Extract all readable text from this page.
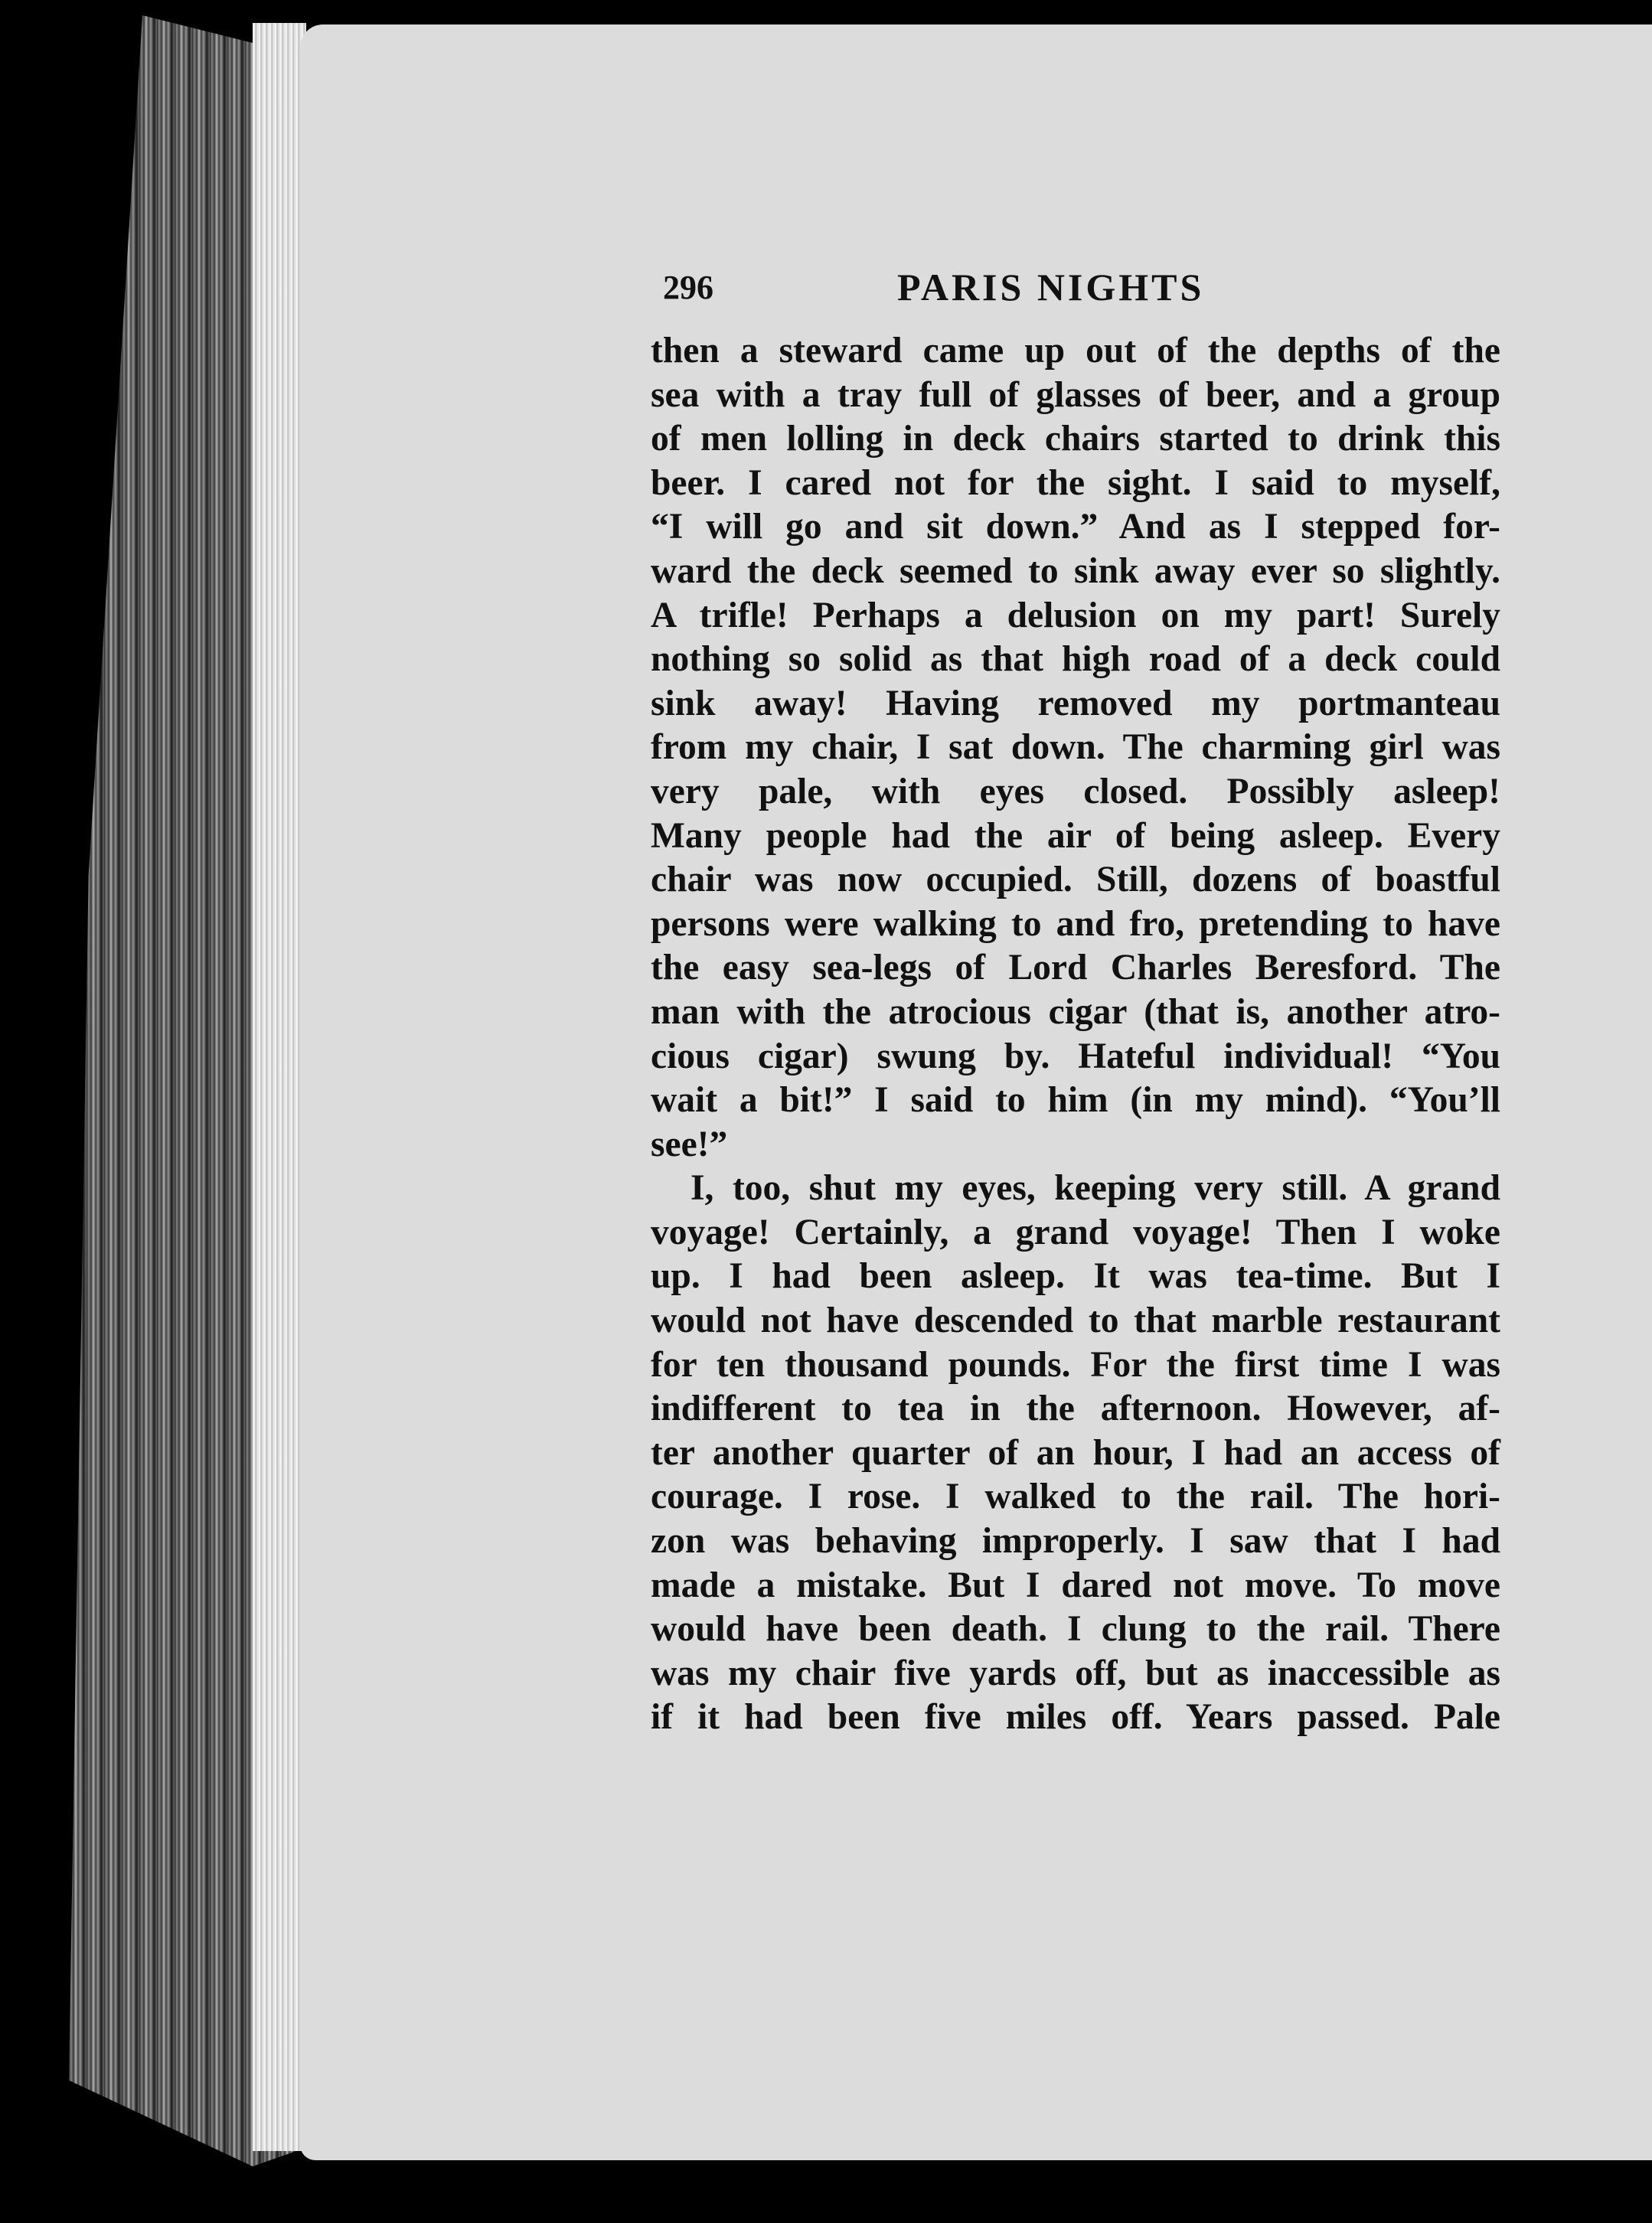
296	PARIS NIGHTS
then a steward came up out of the depths of the
sea with a tray full of glasses of beer, and a group
of men lolling in deck chairs started to drink this
beer. I cared not for the sight. I said to myself,
“I will go and sit down.” And as I stepped for-
ward the deck seemed to sink away ever so slightly.
A trifle! Perhaps a delusion on my part! Surely
nothing so solid as that high road of a deck could
sink away! Having removed my portmanteau
from my chair, I sat down. The charming girl was
very pale, with eyes closed. Possibly asleep!
Many people had the air of being asleep. Every
chair was now occupied. Still, dozens of boastful
persons were walking to and fro, pretending to have
the easy sea-legs of Lord Charles Beresford. The
man with the atrocious cigar (that is, another atro-
cious cigar) swung by. Hateful individual! “You
wait a bit!” I said to him (in my mind). “You’ll
see!”
I, too, shut my eyes, keeping very still. A grand
voyage! Certainly, a grand voyage! Then I woke
up. I had been asleep. It was tea-time. But I
would not have descended to that marble restaurant
for ten thousand pounds. For the first time I was
indifferent to tea in the afternoon. However, af-
ter another quarter of an hour, I had an access of
courage. I rose. I walked to the rail. The hori-
zon was behaving improperly. I saw that I had
made a mistake. But I dared not move. To move
would have been death. I clung to the rail. There
was my chair five yards off, but as inaccessible as
if it had been five miles off. Years passed. Pale
